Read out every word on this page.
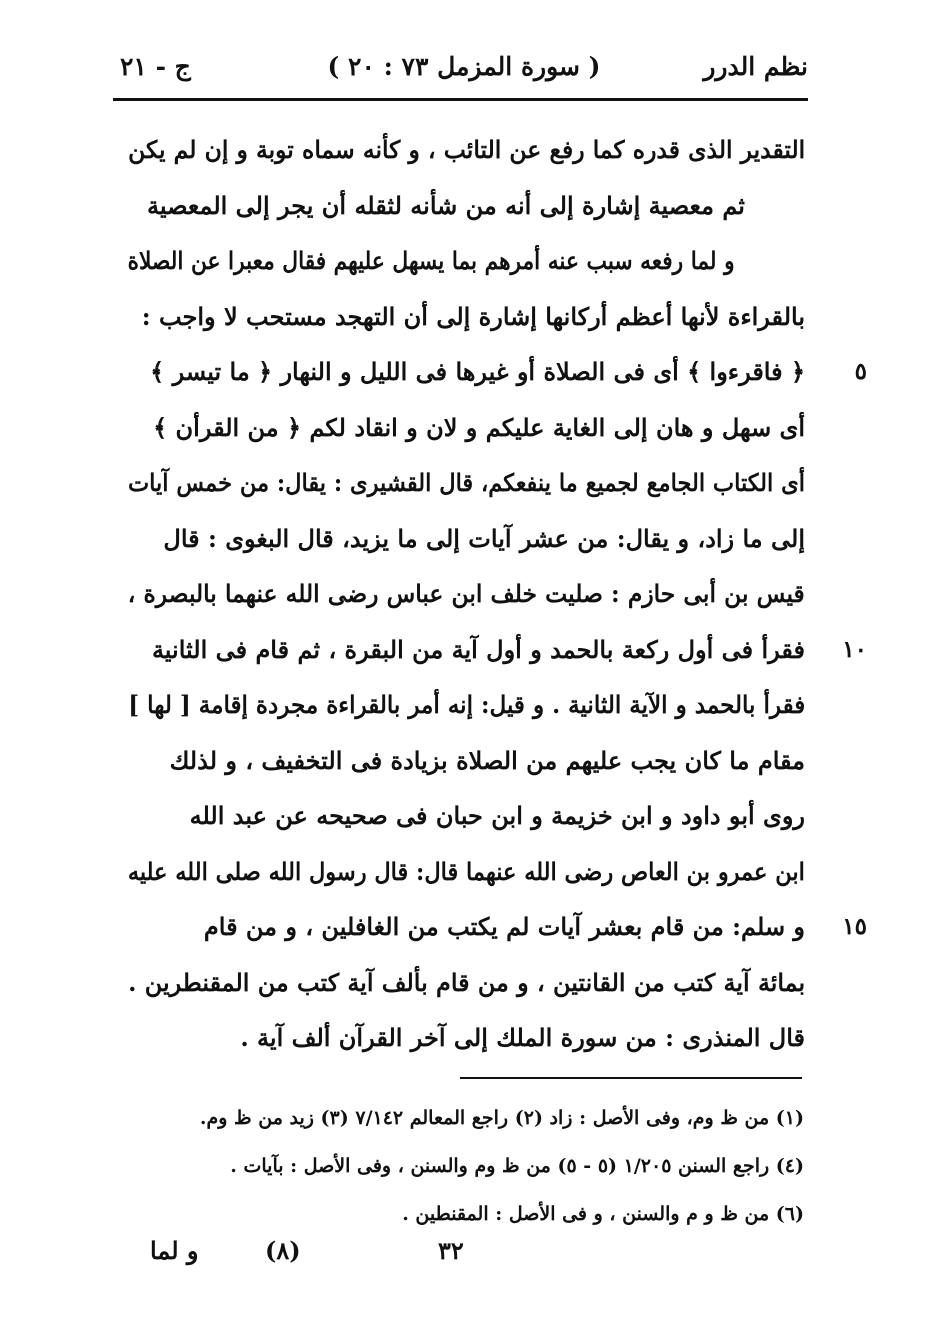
نظم الدرر
( سورة المزمل ٧٣ : ٢٠ )
ج - ٢١
التقدير الذى قدره كما رفع عن التائب ، و كأنه سماه توبة و إن لم يكن
ثم معصية إشارة إلى أنه من شأنه لثقله أن يجر إلى المعصية
و لما رفعه سبب عنه أمرهم بما يسهل عليهم فقال معبرا عن الصلاة
بالقراءة لأنها أعظم أركانها إشارة إلى أن التهجد مستحب لا واجب :
﴿ فاقرءوا ﴾ أى فى الصلاة أو غيرها فى الليل و النهار ﴿ ما تيسر ﴾ ٥
أى سهل و هان إلى الغاية عليكم و لان و انقاد لكم ﴿ من القرأن ﴾
أى الكتاب الجامع لجميع ما ينفعكم، قال القشيرى : يقال: من خمس آيات
إلى ما زاد، و يقال: من عشر آيات إلى ما يزيد، قال البغوى : قال
قيس بن أبى حازم : صليت خلف ابن عباس رضى الله عنهما بالبصرة ،
فقرأ فى أول ركعة بالحمد و أول آية من البقرة ، ثم قام فى الثانية ١٠
فقرأ بالحمد و الآية الثانية . و قيل: إنه أمر بالقراءة مجردة إقامة [ لها ]
مقام ما كان يجب عليهم من الصلاة بزيادة فى التخفيف ، و لذلك
روى أبو داود و ابن خزيمة و ابن حبان فى صحيحه عن عبد الله
ابن عمرو بن العاص رضى الله عنهما قال: قال رسول الله صلى الله عليه
و سلم: من قام بعشر آيات لم يكتب من الغافلين ، و من قام ١٥
بمائة آية كتب من القانتين ، و من قام بألف آية كتب من المقنطرين .
قال المنذرى : من سورة الملك إلى آخر القرآن ألف آية .
(١) من ظ وم، وفى الأصل : زاد (٢) راجع المعالم ٧/١٤٢ (٣) زيد من ظ وم.
(٤) راجع السنن ١/٢٠٥ (٥ - ٥) من ظ وم والسنن ، وفى الأصل : بآيات .
(٦) من ظ و م والسنن ، و فى الأصل : المقنطين .
٣٢
(٨)
و لما
